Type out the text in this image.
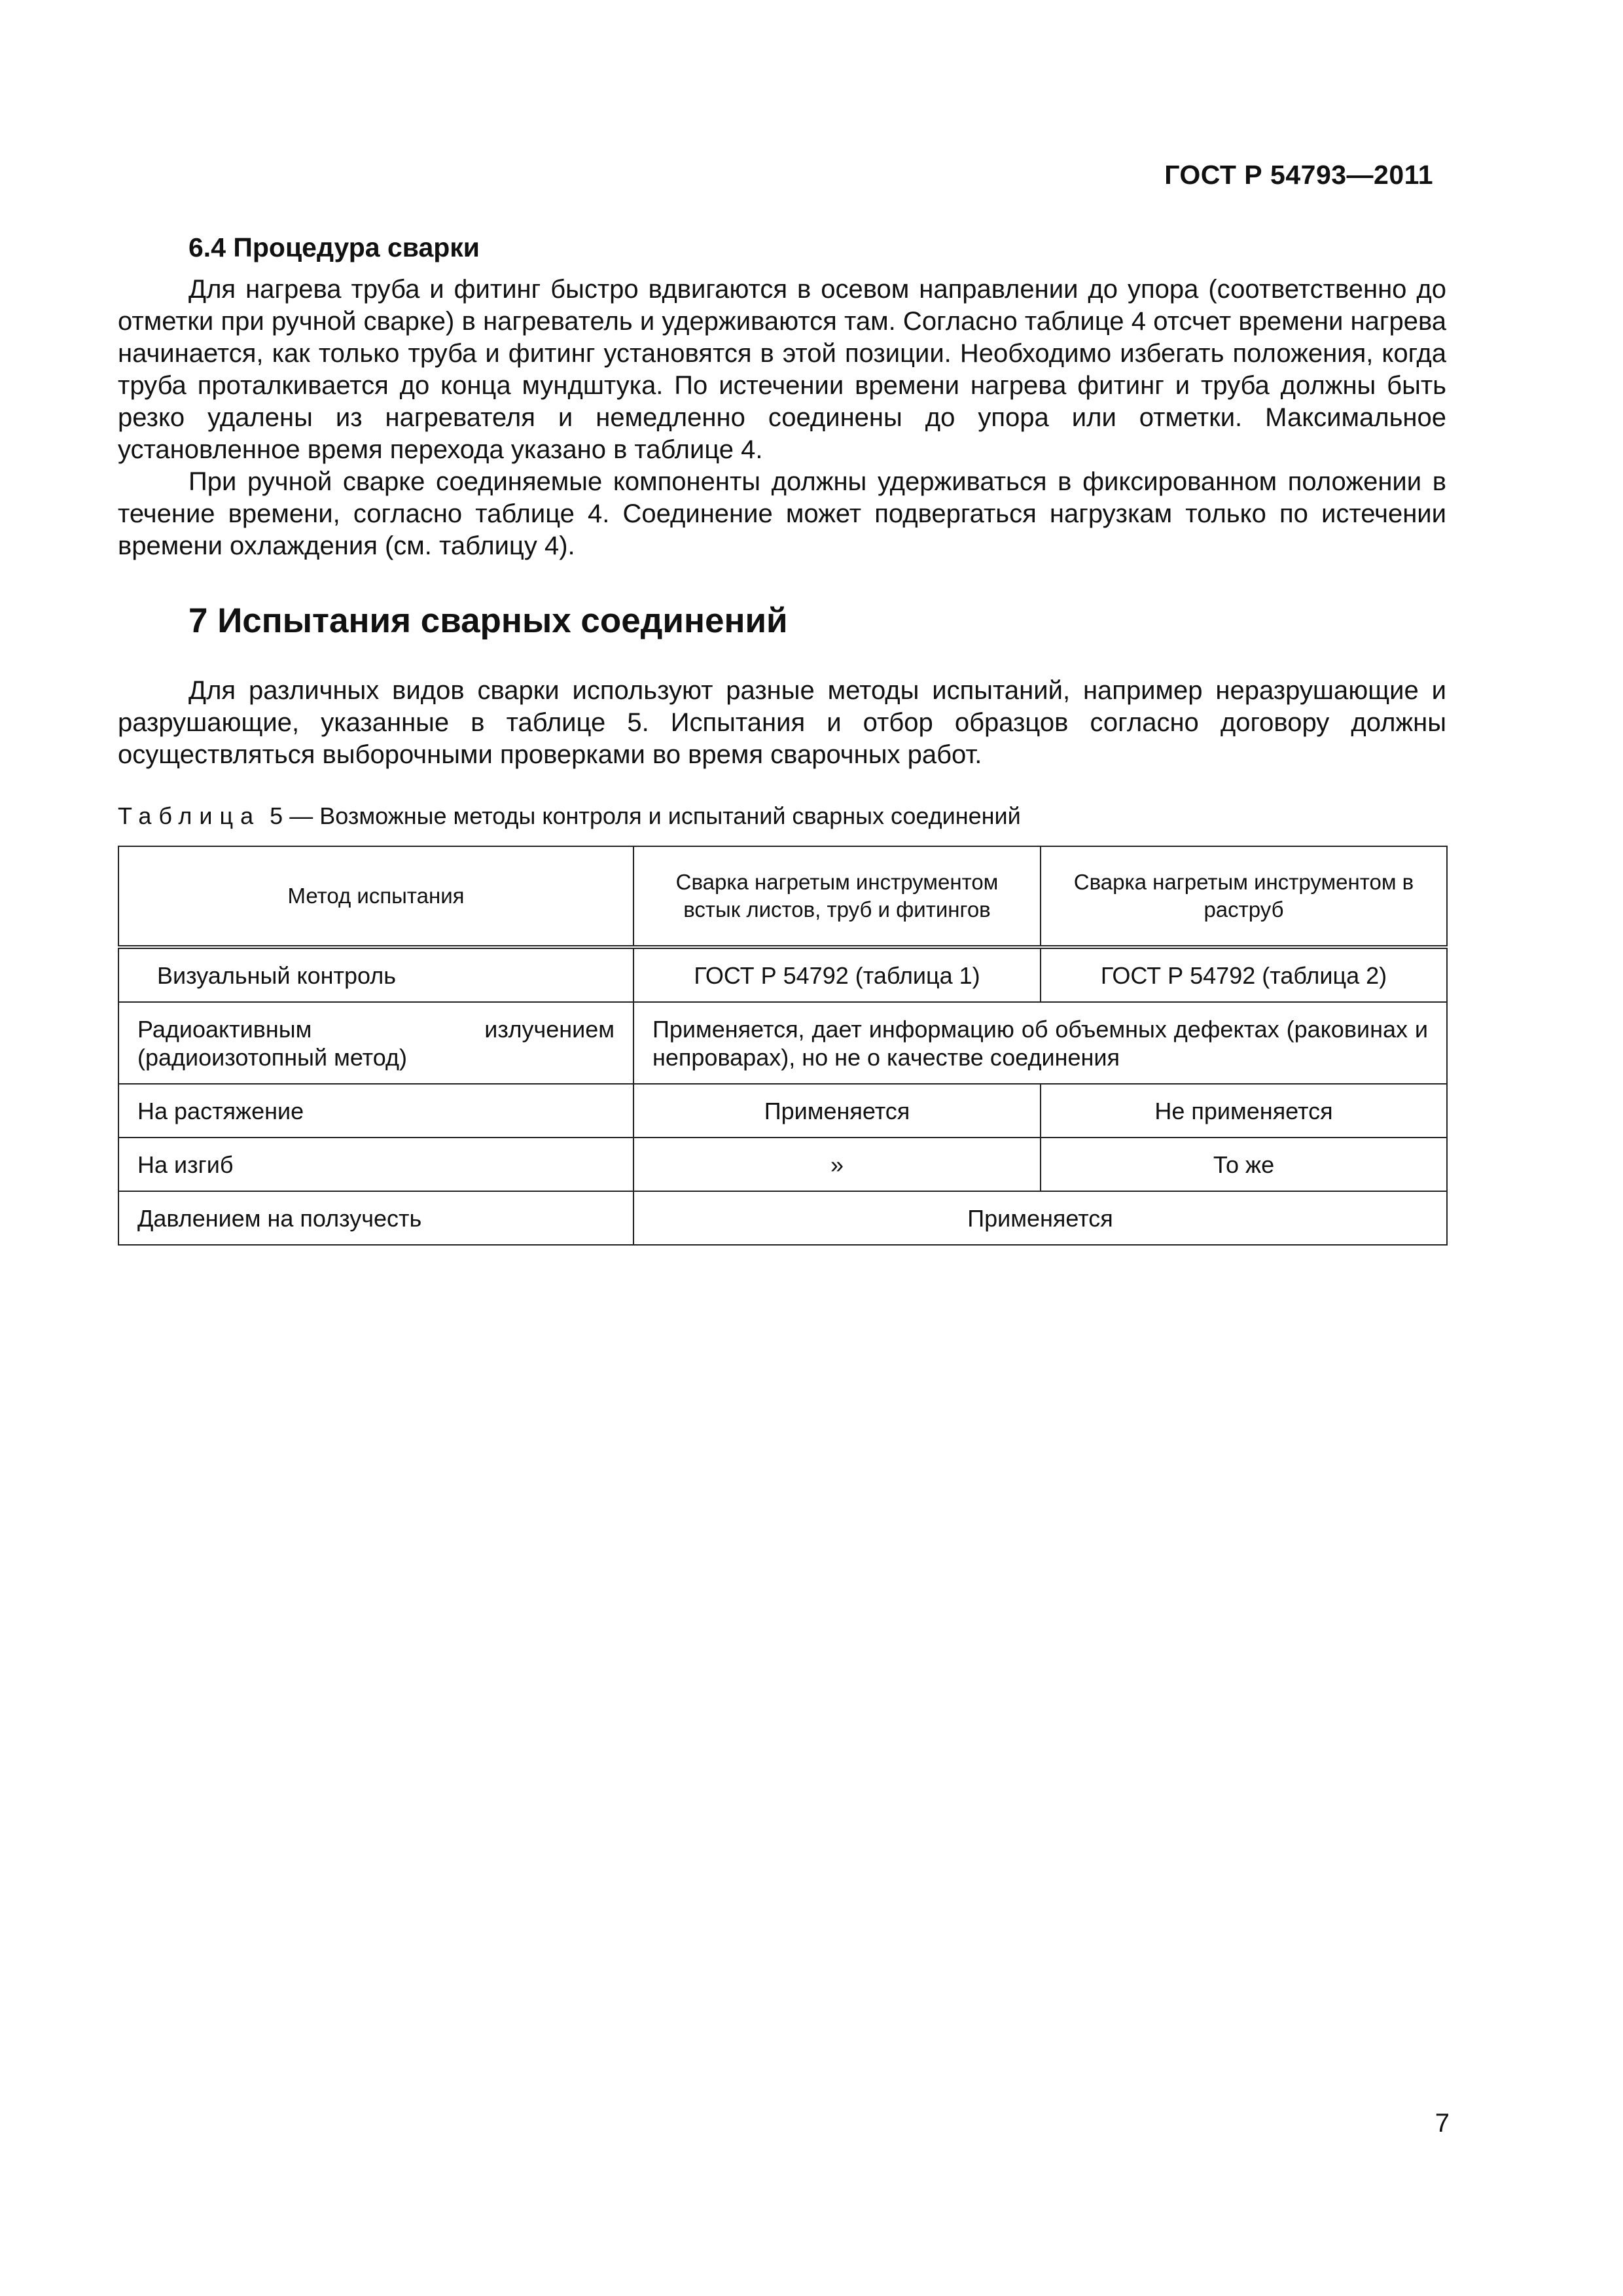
ГОСТ Р 54793—2011
6.4 Процедура сварки

Для нагрева труба и фитинг быстро вдвигаются в осевом направлении до упора (соответственно до отметки при ручной сварке) в нагреватель и удерживаются там. Согласно таблице 4 отсчет времени нагрева начинается, как только труба и фитинг установятся в этой позиции. Необходимо избегать положения, когда труба проталкивается до конца мундштука. По истечении времени нагрева фитинг и труба должны быть резко удалены из нагревателя и немедленно соединены до упора или отметки. Максимальное установленное время перехода указано в таблице 4.

При ручной сварке соединяемые компоненты должны удерживаться в фиксированном положении в течение времени, согласно таблице 4. Соединение может подвергаться нагрузкам только по истечении времени охлаждения (см. таблицу 4).

7 Испытания сварных соединений

Для различных видов сварки используют разные методы испытаний, например неразрушающие и разрушающие, указанные в таблице 5. Испытания и отбор образцов согласно договору должны осуществляться выборочными проверками во время сварочных работ.

Таблица 5 — Возможные методы контроля и испытаний сварных соединений
Метод испытания	Сварка нагретым инструментом встык листов, труб и фитингов	Сварка нагретым инструментом в раструб
Визуальный контроль	ГОСТ Р 54792 (таблица 1)	ГОСТ Р 54792 (таблица 2)
Радиоактивным излучением (радиоизотопный метод)	Применяется, дает информацию об объемных дефектах (раковинах и непроварах), но не о качестве соединения	
На растяжение	Применяется	Не применяется
На изгиб	»	То же
Давлением на ползучесть	Применяется	
7
